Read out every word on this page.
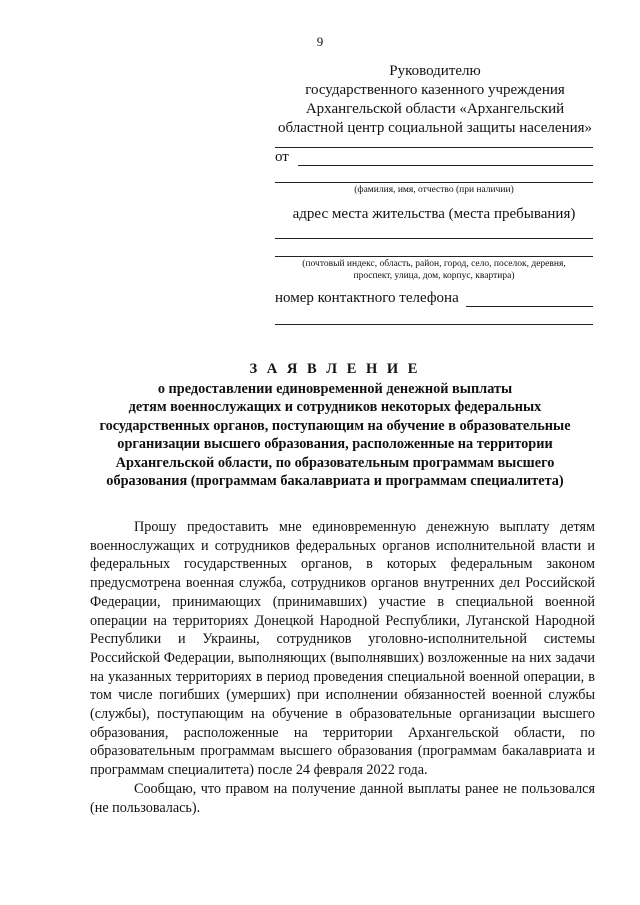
9
Руководителю
государственного казенного учреждения
Архангельской области «Архангельский
областной центр социальной защиты населения»
от
(фамилия, имя, отчество (при наличии)
адрес места жительства (места пребывания)
(почтовый индекс, область, район, город, село, поселок, деревня,
проспект, улица, дом, корпус, квартира)
номер контактного телефона
З А Я В Л Е Н И Е
о предоставлении единовременной денежной выплаты
детям военнослужащих и сотрудников некоторых федеральных
государственных органов, поступающим на обучение в образовательные
организации высшего образования, расположенные на территории
Архангельской области, по образовательным программам высшего
образования (программам бакалавриата и программам специалитета)

Прошу предоставить мне единовременную денежную выплату детям военнослужащих и сотрудников федеральных органов исполнительной власти и федеральных государственных органов, в которых федеральным законом предусмотрена военная служба, сотрудников органов внутренних дел Российской Федерации, принимающих (принимавших) участие в специальной военной операции на территориях Донецкой Народной Республики, Луганской Народной Республики и Украины, сотрудников уголовно-исполнительной системы Российской Федерации, выполняющих (выполнявших) возложенные на них задачи на указанных территориях в период проведения специальной военной операции, в том числе погибших (умерших) при исполнении обязанностей военной службы (службы), поступающим на обучение в образовательные организации высшего образования, расположенные на территории Архангельской области, по образовательным программам высшего образования (программам бакалавриата и программам специалитета) после 24 февраля 2022 года.

Сообщаю, что правом на получение данной выплаты ранее не пользовался (не пользовалась).
